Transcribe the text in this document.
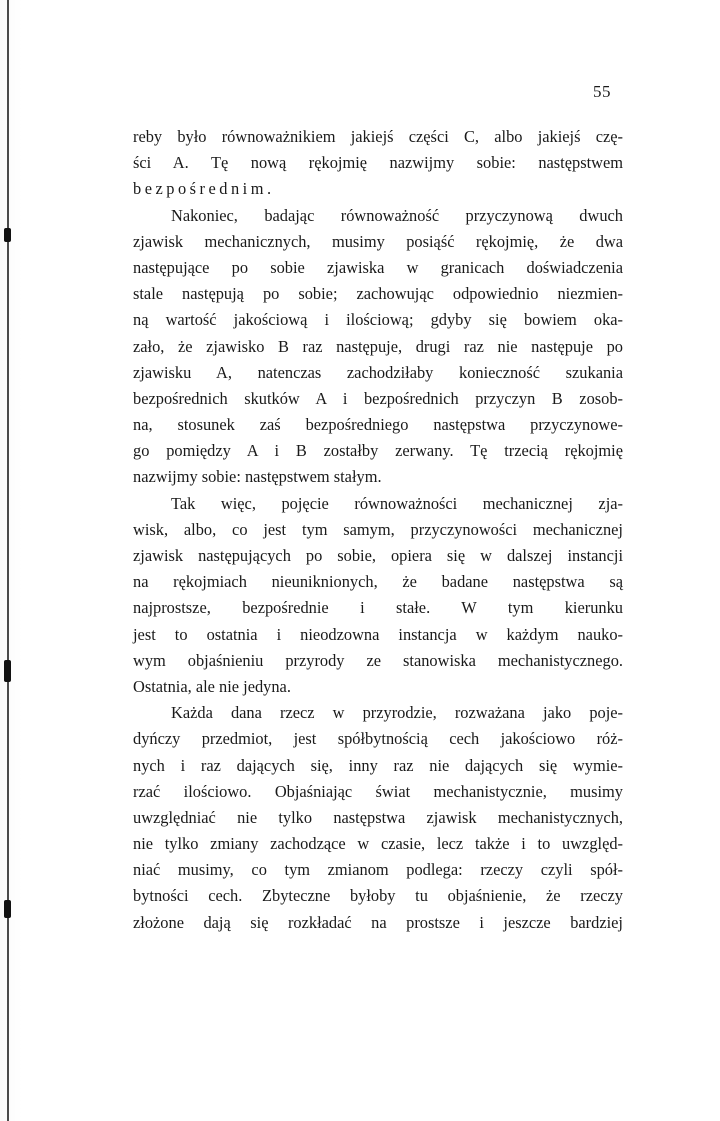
55
reby było równoważnikiem jakiejś części C, albo jakiejś czę-
ści A. Tę nową rękojmię nazwijmy sobie: następstwem
bezpośrednim.
Nakoniec, badając równoważność przyczynową dwuch
zjawisk mechanicznych, musimy posiąść rękojmię, że dwa
następujące po sobie zjawiska w granicach doświadczenia
stale następują po sobie; zachowując odpowiednio niezmien-
ną wartość jakościową i ilościową; gdyby się bowiem oka-
zało, że zjawisko B raz następuje, drugi raz nie następuje po
zjawisku A, natenczas zachodziłaby konieczność szukania
bezpośrednich skutków A i bezpośrednich przyczyn B zosob-
na, stosunek zaś bezpośredniego następstwa przyczynowe-
go pomiędzy A i B zostałby zerwany. Tę trzecią rękojmię
nazwijmy sobie: następstwem stałym.
Tak więc, pojęcie równoważności mechanicznej zja-
wisk, albo, co jest tym samym, przyczynowości mechanicznej
zjawisk następujących po sobie, opiera się w dalszej instancji
na rękojmiach nieuniknionych, że badane następstwa są
najprostsze, bezpośrednie i stałe. W tym kierunku
jest to ostatnia i nieodzowna instancja w każdym nauko-
wym objaśnieniu przyrody ze stanowiska mechanistycznego.
Ostatnia, ale nie jedyna.
Każda dana rzecz w przyrodzie, rozważana jako poje-
dyńczy przedmiot, jest spółbytnością cech jakościowo róż-
nych i raz dających się, inny raz nie dających się wymie-
rzać ilościowo. Objaśniając świat mechanistycznie, musimy
uwzględniać nie tylko następstwa zjawisk mechanistycznych,
nie tylko zmiany zachodzące w czasie, lecz także i to uwzględ-
niać musimy, co tym zmianom podlega: rzeczy czyli spół-
bytności cech. Zbyteczne byłoby tu objaśnienie, że rzeczy
złożone dają się rozkładać na prostsze i jeszcze bardziej
